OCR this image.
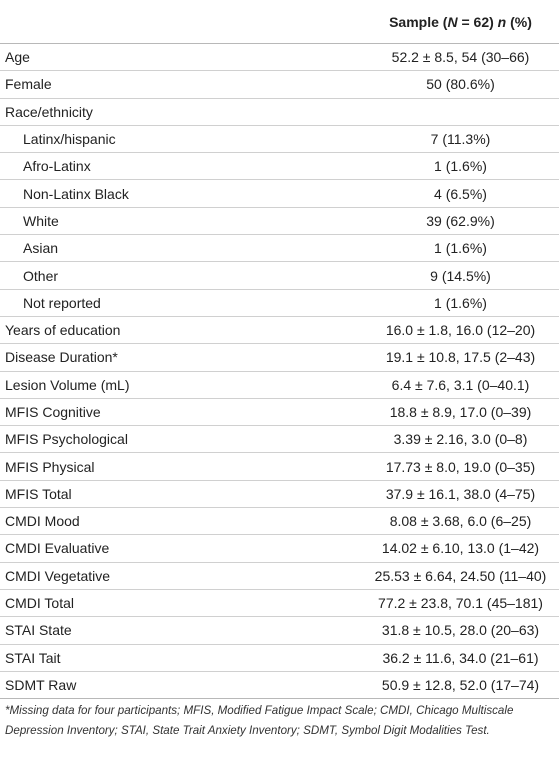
	Sample (N = 62) n (%)
Age	52.2 ± 8.5, 54 (30–66)
Female	50 (80.6%)
Race/ethnicity	
Latinx/hispanic	7 (11.3%)
Afro-Latinx	1 (1.6%)
Non-Latinx Black	4 (6.5%)
White	39 (62.9%)
Asian	1 (1.6%)
Other	9 (14.5%)
Not reported	1 (1.6%)
Years of education	16.0 ± 1.8, 16.0 (12–20)
Disease Duration*	19.1 ± 10.8, 17.5 (2–43)
Lesion Volume (mL)	6.4 ± 7.6, 3.1 (0–40.1)
MFIS Cognitive	18.8 ± 8.9, 17.0 (0–39)
MFIS Psychological	3.39 ± 2.16, 3.0 (0–8)
MFIS Physical	17.73 ± 8.0, 19.0 (0–35)
MFIS Total	37.9 ± 16.1, 38.0 (4–75)
CMDI Mood	8.08 ± 3.68, 6.0 (6–25)
CMDI Evaluative	14.02 ± 6.10, 13.0 (1–42)
CMDI Vegetative	25.53 ± 6.64, 24.50 (11–40)
CMDI Total	77.2 ± 23.8, 70.1 (45–181)
STAI State	31.8 ± 10.5, 28.0 (20–63)
STAI Tait	36.2 ± 11.6, 34.0 (21–61)
SDMT Raw	50.9 ± 12.8, 52.0 (17–74)
*Missing data for four participants; MFIS, Modified Fatigue Impact Scale; CMDI, Chicago Multiscale Depression Inventory; STAI, State Trait Anxiety Inventory; SDMT, Symbol Digit Modalities Test.
